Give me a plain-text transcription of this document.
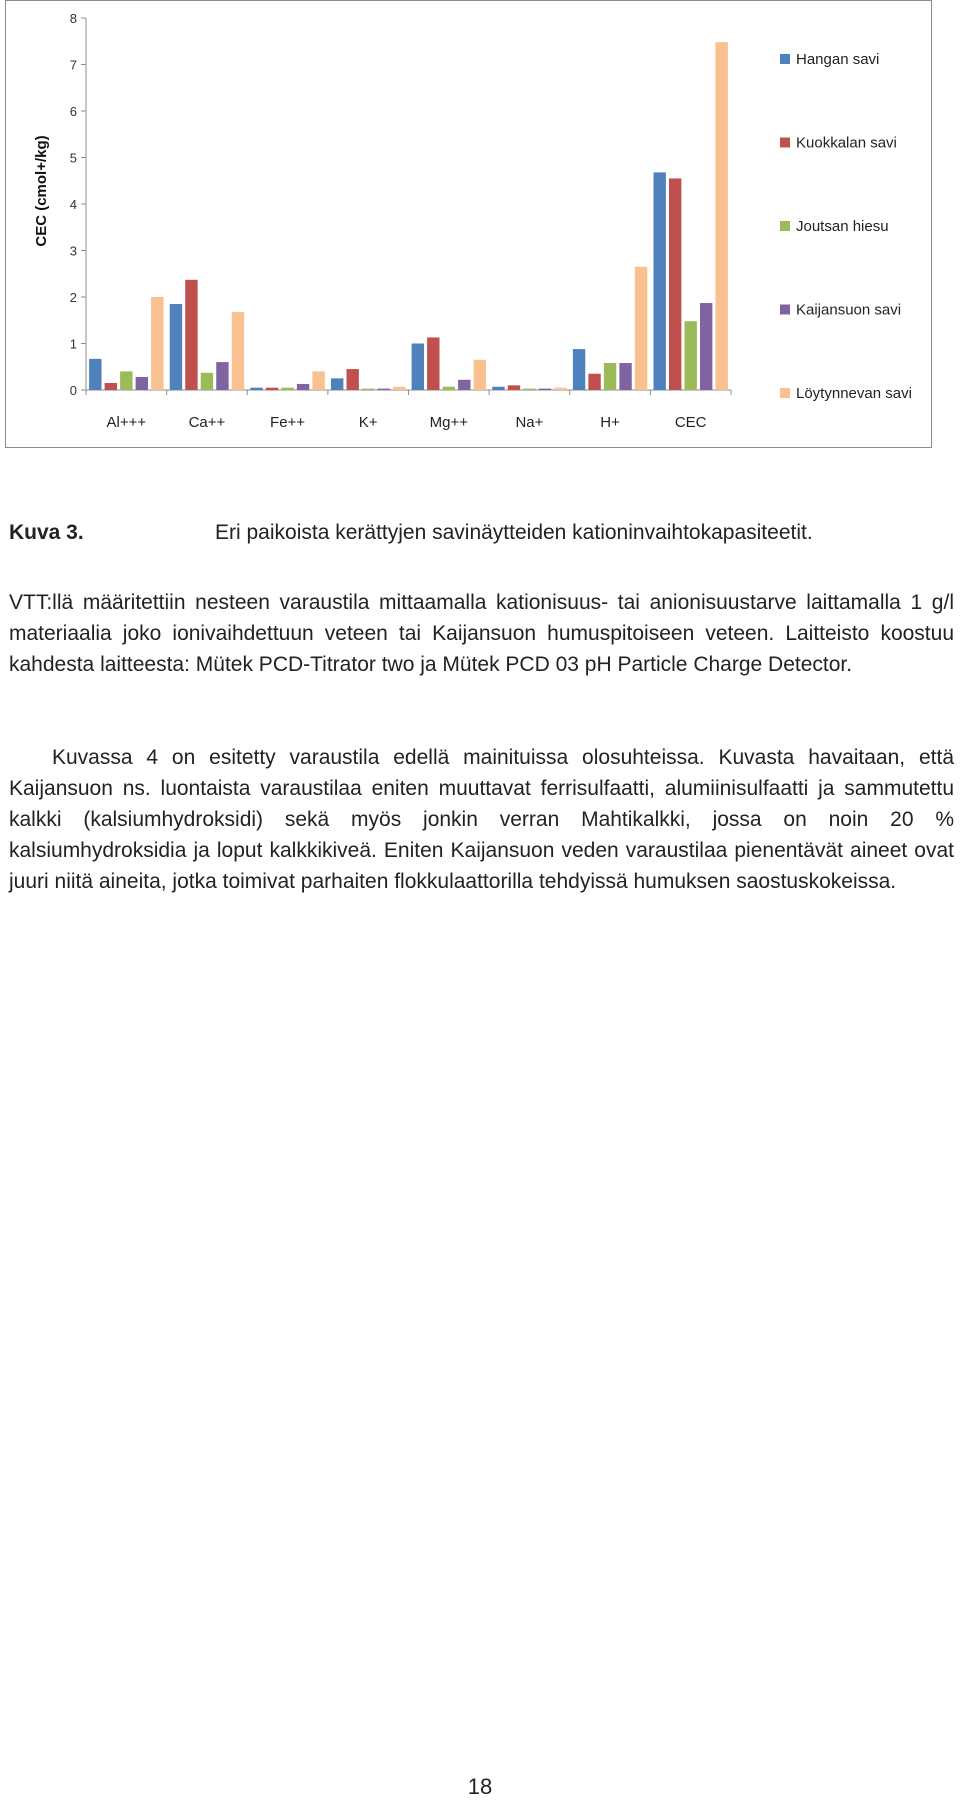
CEC (cmol+/kg)
0
1
2
3
4
5
6
7
8
Al+++	Ca++	Fe++	K+	Mg++	Na+	H+	CEC
Hangan savi
Kuokkalan savi
Joutsan hiesu
Kaijansuon savi
Löytynnevan savi
Kuva 3.	Eri paikoista kerättyjen savinäytteiden kationinvaihtokapasiteetit.

VTT:llä määritettiin nesteen varaustila mittaamalla kationisuus- tai anionisuustarve laittamalla 1 g/l materiaalia joko ionivaihdettuun veteen tai Kaijansuon humuspitoiseen veteen. Laitteisto koostuu kahdesta laitteesta: Mütek PCD-Titrator two ja Mütek PCD 03 pH Particle Charge Detector.

Kuvassa 4 on esitetty varaustila edellä mainituissa olosuhteissa. Kuvasta havaitaan, että Kaijansuon ns. luontaista varaustilaa eniten muuttavat ferrisulfaatti, alumiinisulfaatti ja sammutettu kalkki (kalsiumhydroksidi) sekä myös jonkin verran Mahtikalkki, jossa on noin 20 % kalsiumhydroksidia ja loput kalkkikiveä. Eniten Kaijansuon veden varaustilaa pienentävät aineet ovat juuri niitä aineita, jotka toimivat parhaiten flokkulaattorilla tehdyissä humuksen saostuskokeissa.

18
